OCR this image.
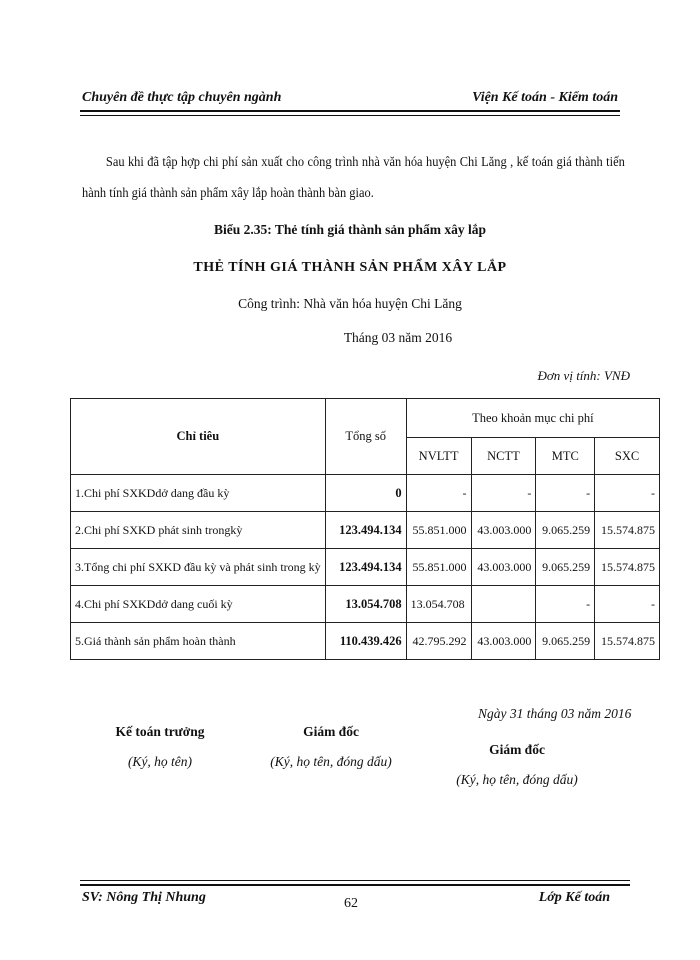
Chuyên đề thực tập chuyên ngành	Viện Kế toán - Kiểm toán
Sau khi đã tập hợp chi phí sản xuất cho công trình nhà văn hóa huyện Chi Lăng , kế toán giá thành tiến hành tính giá thành sản phẩm xây lắp hoàn thành bàn giao.
Biểu 2.35: Thẻ tính giá thành sản phẩm xây lắp
THẺ TÍNH GIÁ THÀNH SẢN PHẨM XÂY LẮP
Công trình: Nhà văn hóa huyện Chi Lăng
Tháng 03 năm 2016
Đơn vị tính: VNĐ
Chỉ tiêu	Tổng số	Theo khoản mục chi phí			
		NVLTT	NCTT	MTC	SXC
1.Chi phí SXKDdở dang đầu kỳ	0	-	-	-	-
2.Chi phí SXKD phát sinh trongkỳ	123.494.134	55.851.000	43.003.000	9.065.259	15.574.875
3.Tổng chi phí SXKD đầu kỳ và phát sinh trong kỳ	123.494.134	55.851.000	43.003.000	9.065.259	15.574.875
4.Chi phí SXKDdở dang cuối kỳ	13.054.708	13.054.708		-	-
5.Giá thành sản phẩm hoàn thành	110.439.426	42.795.292	43.003.000	9.065.259	15.574.875
Ngày 31 tháng 03 năm 2016
Kế toán trưởng
(Ký, họ tên)
Giám đốc
(Ký, họ tên, đóng dấu)
Giám đốc
(Ký, họ tên, đóng dấu)
SV: Nông Thị Nhung	Lớp Kế toán
62
